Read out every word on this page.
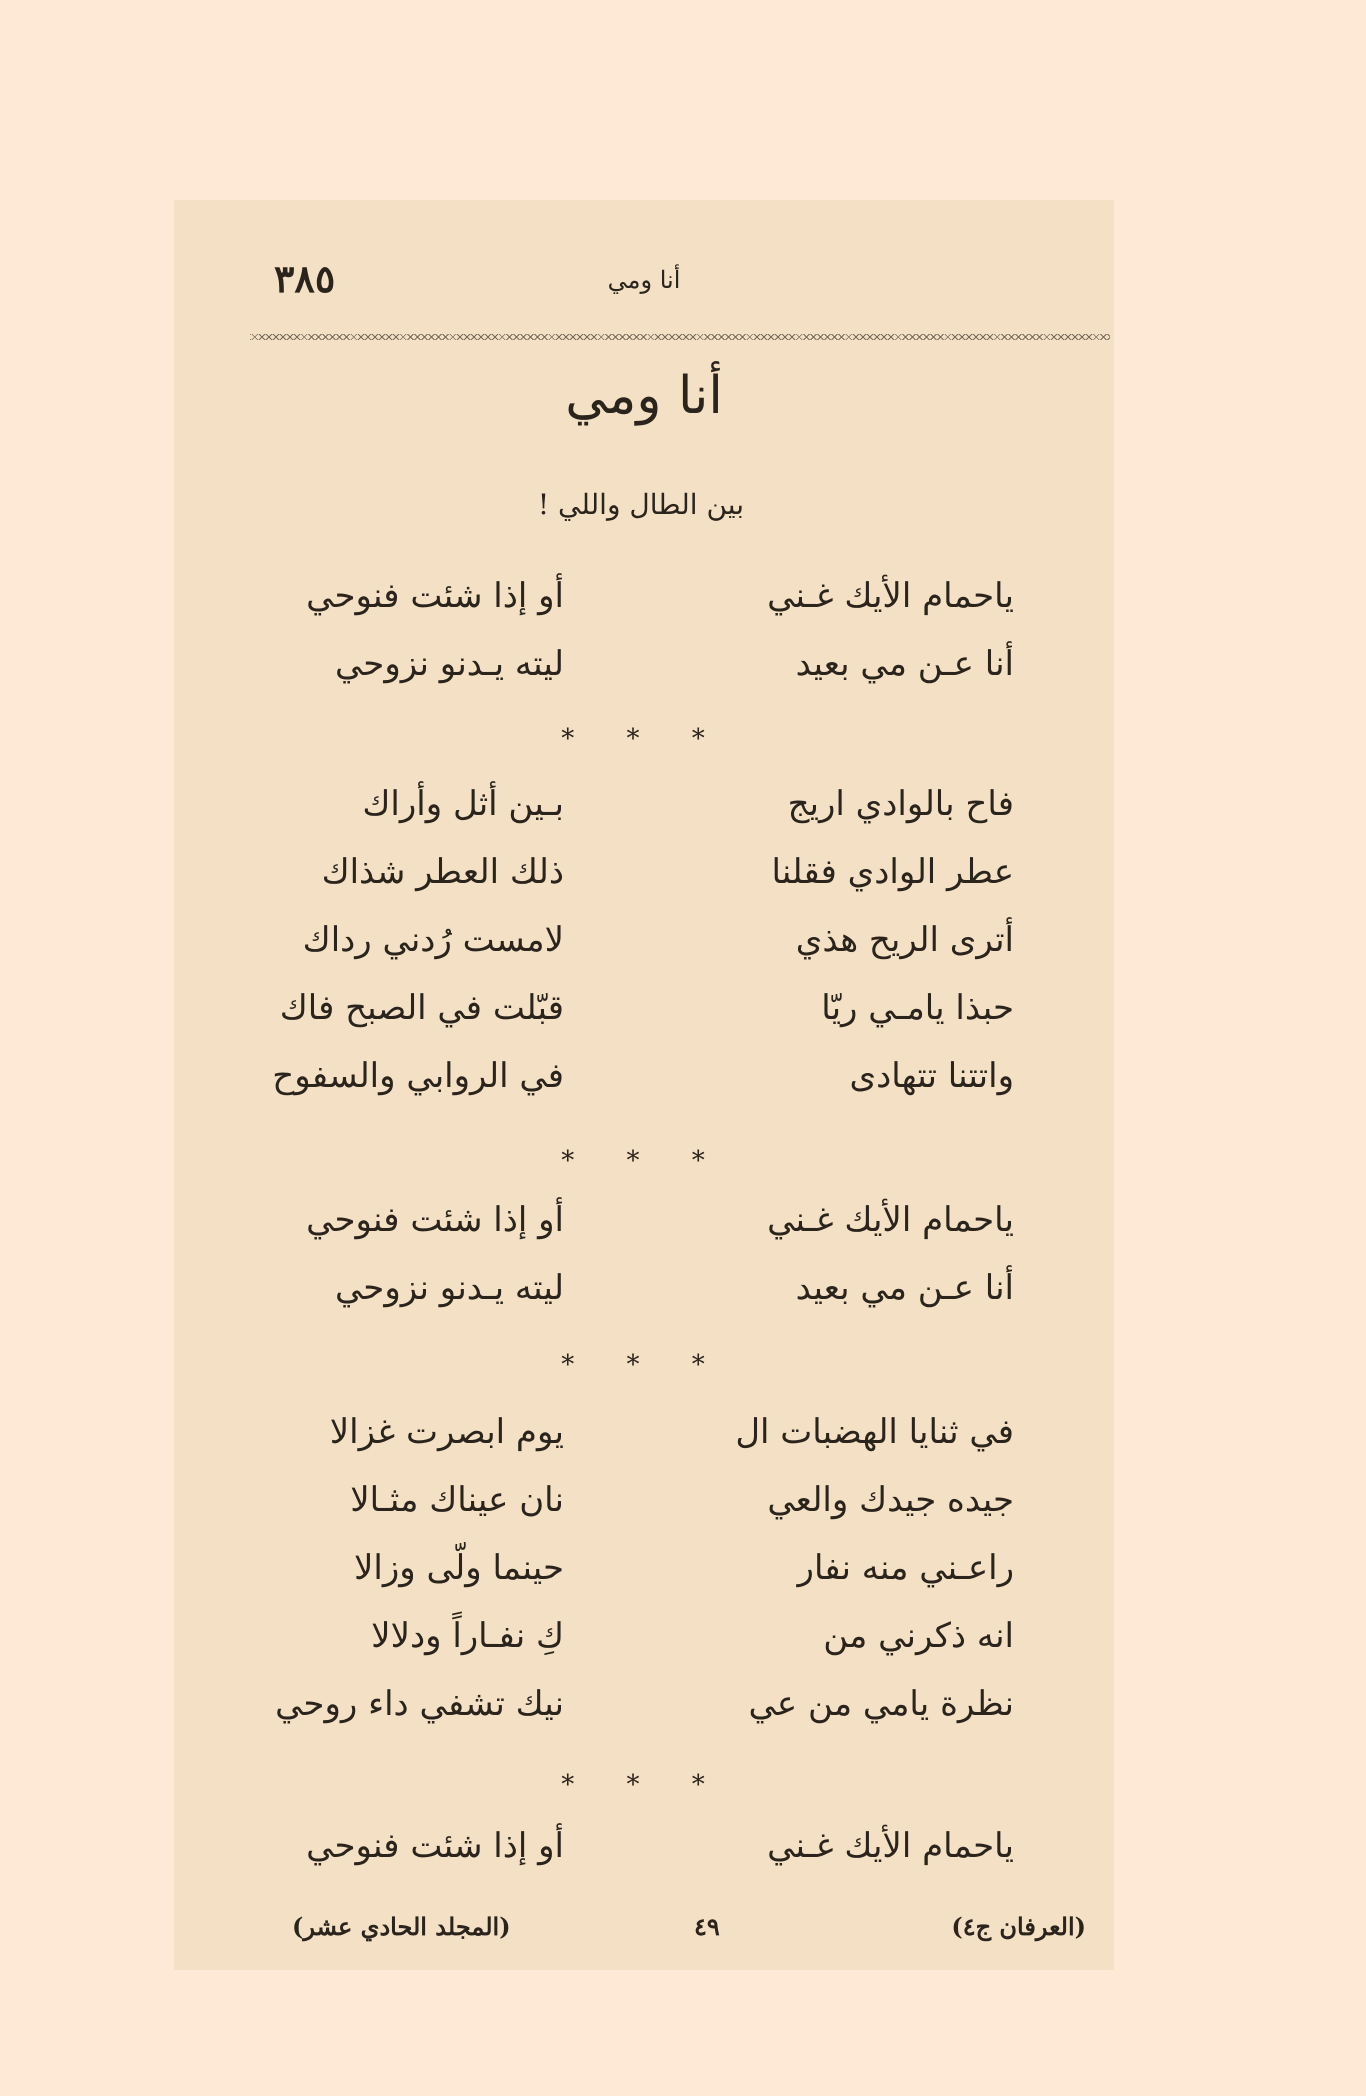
٣٨٥	أنا ومي
أنا ومي
بين الطال واللي !
ياحمام الأيك غـني
أو إذا شئت فنوحي
أنا عـن مي بعيد
ليته يـدنو نزوحي
* * *
فاح بالوادي اريج
بـين أثل وأراك
عطر الوادي فقلنا
ذلك العطر شذاك
أترى الريح هذي
لامست رُدني رداك
حبذا يامـي ريّا
قبّلت في الصبح فاك
واتتنا تتهادى
في الروابي والسفوح
* * *
ياحمام الأيك غـني
أو إذا شئت فنوحي
أنا عـن مي بعيد
ليته يـدنو نزوحي
* * *
في ثنايا الهضبات ال
يوم ابصرت غزالا
جيده جيدك والعي
نان عيناك مثـالا
راعـني منه نفار
حينما ولّى وزالا
انه ذكرني من
كِ نفـاراً ودلالا
نظرة يامي من عي
نيك تشفي داء روحي
* * *
ياحمام الأيك غـني
أو إذا شئت فنوحي
(المجلد الحادي عشر)	٤٩	(العرفان ج٤)
